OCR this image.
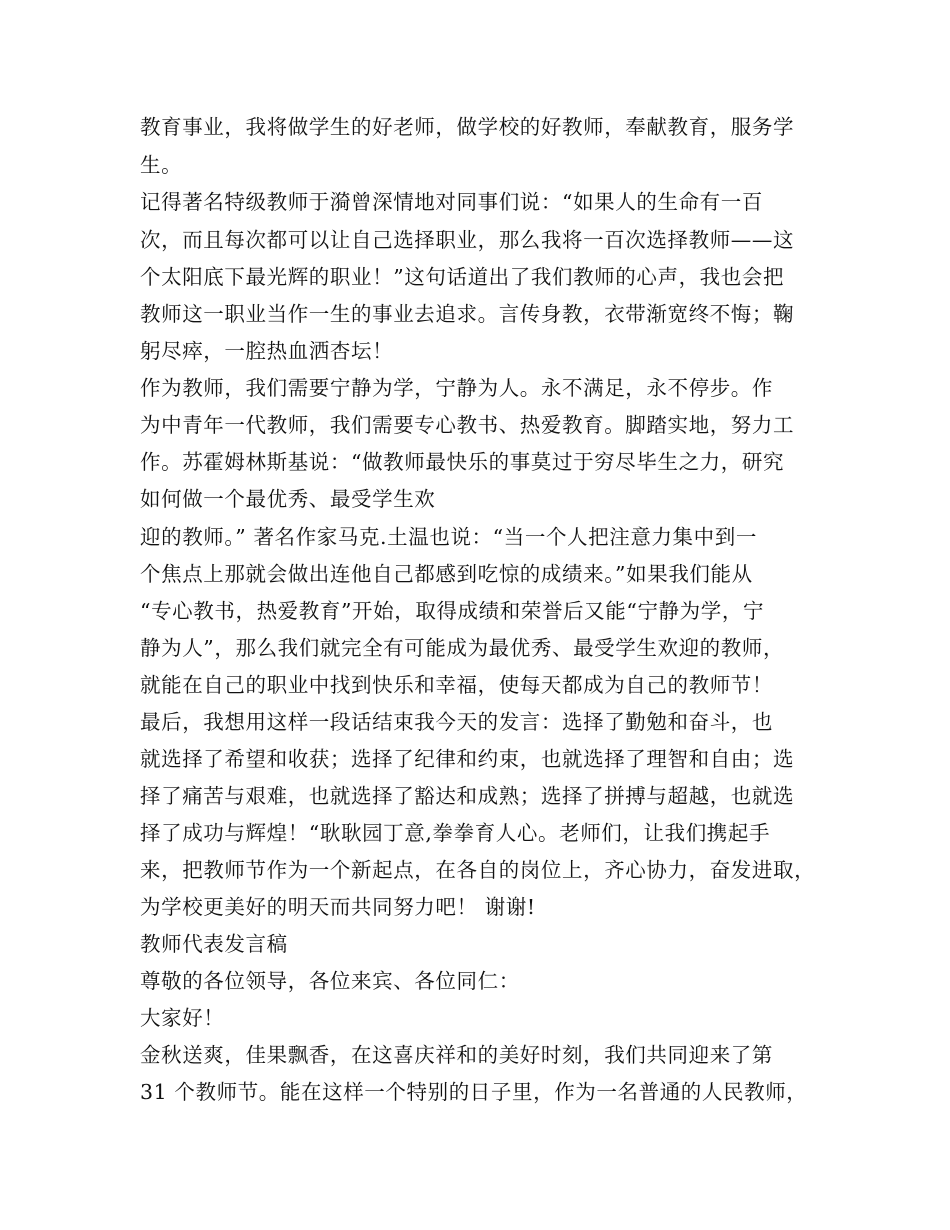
教育事业，我将做学生的好老师，做学校的好教师，奉献教育，服务学
生。
记得著名特级教师于漪曾深情地对同事们说：“如果人的生命有一百
次，而且每次都可以让自己选择职业，那么我将一百次选择教师——这
个太阳底下最光辉的职业！”这句话道出了我们教师的心声，我也会把
教师这一职业当作一生的事业去追求。言传身教，衣带渐宽终不悔；鞠
躬尽瘁，一腔热血洒杏坛！
作为教师，我们需要宁静为学，宁静为人。永不满足，永不停步。作
为中青年一代教师，我们需要专心教书、热爱教育。脚踏实地，努力工
作。苏霍姆林斯基说：“做教师最快乐的事莫过于穷尽毕生之力，研究
如何做一个最优秀、最受学生欢
迎的教师。” 著名作家马克.土温也说：“当一个人把注意力集中到一
个焦点上那就会做出连他自己都感到吃惊的成绩来。”如果我们能从
“专心教书，热爱教育”开始，取得成绩和荣誉后又能“宁静为学，宁
静为人”，那么我们就完全有可能成为最优秀、最受学生欢迎的教师，
就能在自己的职业中找到快乐和幸福，使每天都成为自己的教师节！
最后，我想用这样一段话结束我今天的发言：选择了勤勉和奋斗，也
就选择了希望和收获；选择了纪律和约束，也就选择了理智和自由；选
择了痛苦与艰难，也就选择了豁达和成熟；选择了拼搏与超越，也就选
择了成功与辉煌！“耿耿园丁意,拳拳育人心。老师们，让我们携起手
来，把教师节作为一个新起点，在各自的岗位上，齐心协力，奋发进取，
为学校更美好的明天而共同努力吧！ 谢谢!
教师代表发言稿
尊敬的各位领导，各位来宾、各位同仁：
大家好！
金秋送爽，佳果飘香，在这喜庆祥和的美好时刻，我们共同迎来了第
31 个教师节。能在这样一个特别的日子里，作为一名普通的人民教师，
